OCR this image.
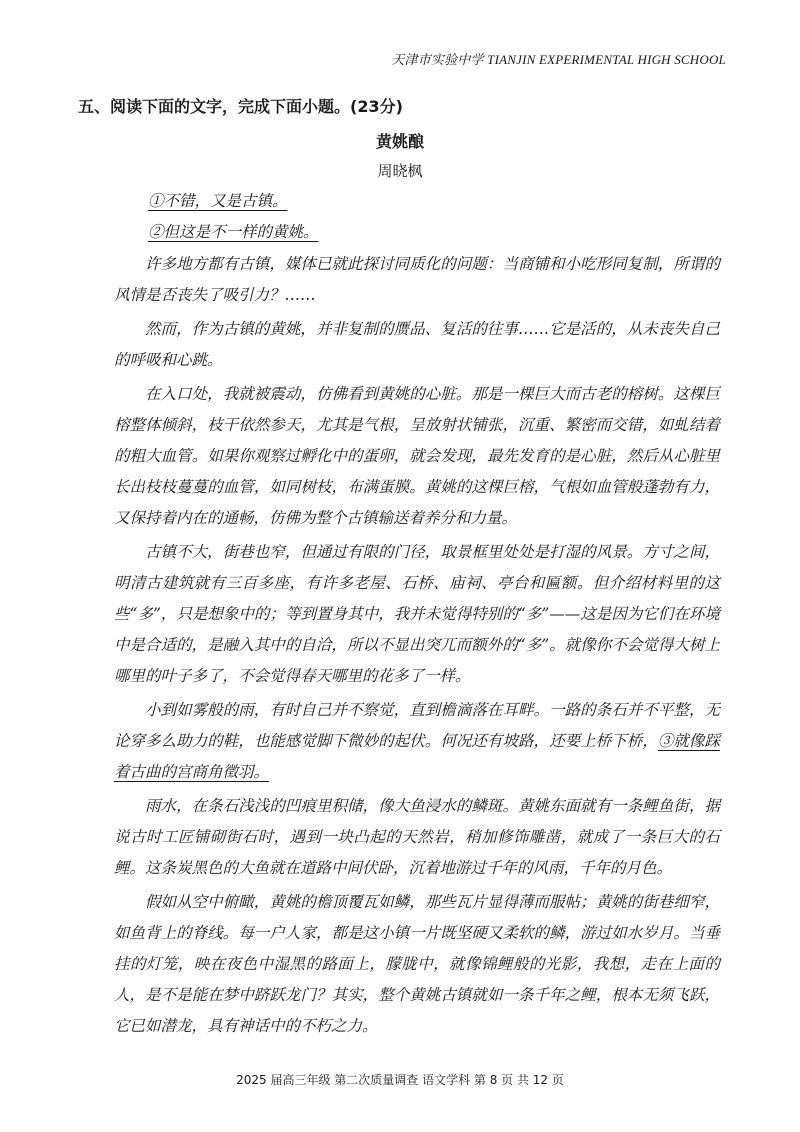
天津市实验中学 TIANJIN EXPERIMENTAL HIGH SCHOOL
五、阅读下面的文字，完成下面小题。(23分)
黄姚酿
周晓枫
①不错，又是古镇。
②但这是不一样的黄姚。

许多地方都有古镇，媒体已就此探讨同质化的问题：当商铺和小吃形同复制，所谓的风情是否丧失了吸引力？……

然而，作为古镇的黄姚，并非复制的赝品、复活的往事……它是活的，从未丧失自己的呼吸和心跳。

在入口处，我就被震动，仿佛看到黄姚的心脏。那是一棵巨大而古老的榕树。这棵巨榕整体倾斜，枝干依然参天，尤其是气根，呈放射状铺张，沉重、繁密而交错，如虬结着的粗大血管。如果你观察过孵化中的蛋卵，就会发现，最先发育的是心脏，然后从心脏里长出枝枝蔓蔓的血管，如同树枝，布满蛋膜。黄姚的这棵巨榕，气根如血管般蓬勃有力，又保持着内在的通畅，仿佛为整个古镇输送着养分和力量。

古镇不大，街巷也窄，但通过有限的门径，取景框里处处是打湿的风景。方寸之间，明清古建筑就有三百多座，有许多老屋、石桥、庙祠、亭台和匾额。但介绍材料里的这些“多”，只是想象中的；等到置身其中，我并未觉得特别的“多”——这是因为它们在环境中是合适的，是融入其中的自洽，所以不显出突兀而额外的“多”。就像你不会觉得大树上哪里的叶子多了，不会觉得春天哪里的花多了一样。

小到如雾般的雨，有时自己并不察觉，直到檐滴落在耳畔。一路的条石并不平整，无论穿多么助力的鞋，也能感觉脚下微妙的起伏。何况还有坡路，还要上桥下桥，③就像踩着古曲的宫商角徵羽。

雨水，在条石浅浅的凹痕里积储，像大鱼浸水的鳞斑。黄姚东面就有一条鲤鱼街，据说古时工匠铺砌街石时，遇到一块凸起的天然岩，稍加修饰雕凿，就成了一条巨大的石鲤。这条炭黑色的大鱼就在道路中间伏卧，沉着地游过千年的风雨，千年的月色。

假如从空中俯瞰，黄姚的檐顶覆瓦如鳞，那些瓦片显得薄而服帖；黄姚的街巷细窄，如鱼背上的脊线。每一户人家，都是这小镇一片既坚硬又柔软的鳞，游过如水岁月。当垂挂的灯笼，映在夜色中湿黑的路面上，朦胧中，就像锦鲤般的光影，我想，走在上面的人，是不是能在梦中跻跃龙门？其实，整个黄姚古镇就如一条千年之鲤，根本无须飞跃，它已如潜龙，具有神话中的不朽之力。

2025 届高三年级 第二次质量调查 语文学科 第 8 页 共 12 页
